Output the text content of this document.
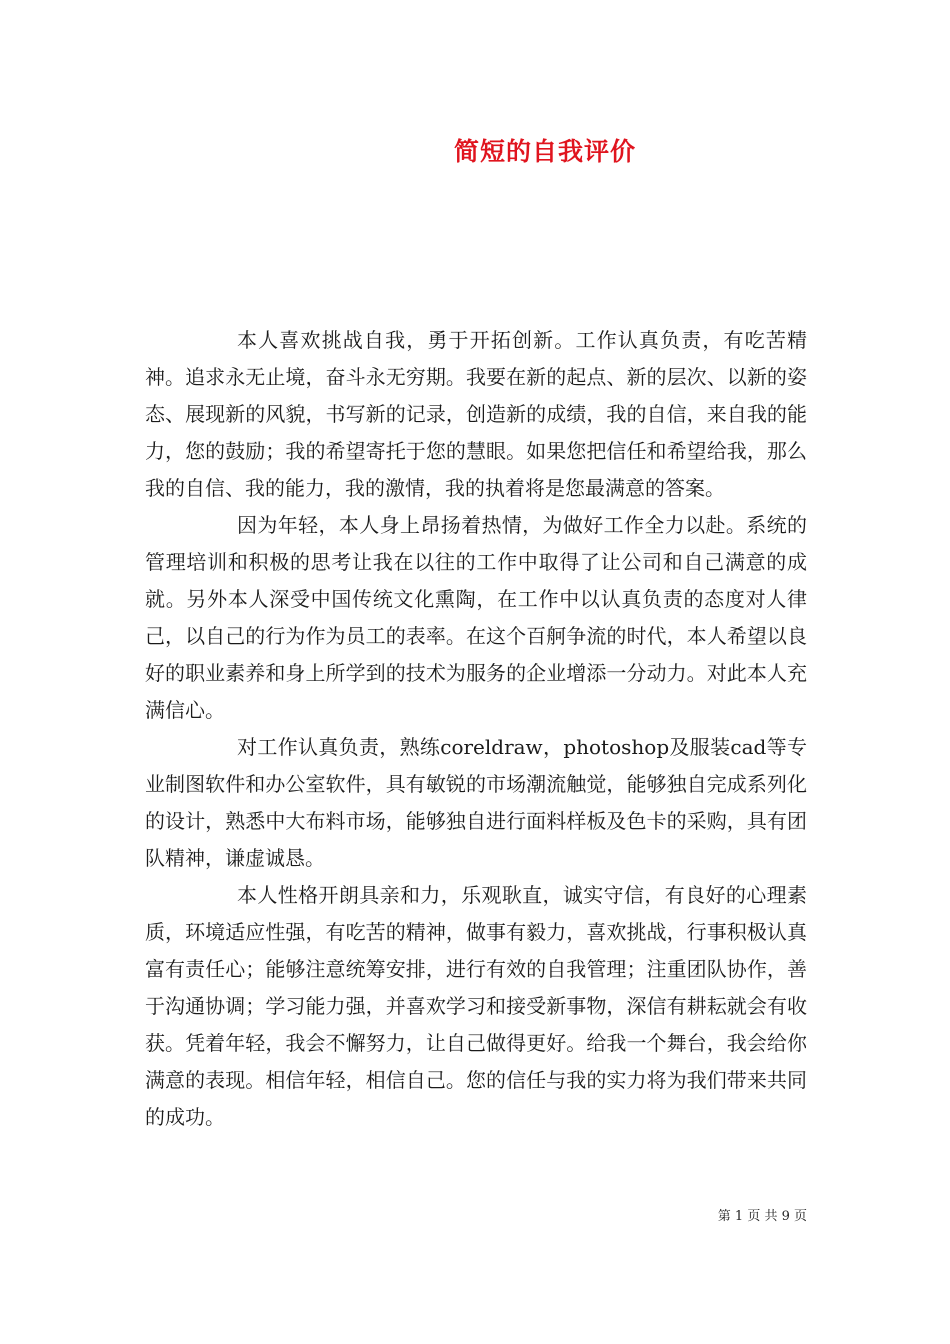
简短的自我评价

本人喜欢挑战自我，勇于开拓创新。工作认真负责，有吃苦精神。追求永无止境，奋斗永无穷期。我要在新的起点、新的层次、以新的姿态、展现新的风貌，书写新的记录，创造新的成绩，我的自信，来自我的能力，您的鼓励；我的希望寄托于您的慧眼。如果您把信任和希望给我，那么我的自信、我的能力，我的激情，我的执着将是您最满意的答案。

因为年轻，本人身上昂扬着热情，为做好工作全力以赴。系统的管理培训和积极的思考让我在以往的工作中取得了让公司和自己满意的成就。另外本人深受中国传统文化熏陶，在工作中以认真负责的态度对人律己，以自己的行为作为员工的表率。在这个百舸争流的时代，本人希望以良好的职业素养和身上所学到的技术为服务的企业增添一分动力。对此本人充满信心。

对工作认真负责，熟练coreldraw，photoshop及服装cad等专业制图软件和办公室软件，具有敏锐的市场潮流触觉，能够独自完成系列化的设计，熟悉中大布料市场，能够独自进行面料样板及色卡的采购，具有团队精神，谦虚诚恳。

本人性格开朗具亲和力，乐观耿直，诚实守信，有良好的心理素质，环境适应性强，有吃苦的精神，做事有毅力，喜欢挑战，行事积极认真富有责任心；能够注意统筹安排，进行有效的自我管理；注重团队协作，善于沟通协调；学习能力强，并喜欢学习和接受新事物，深信有耕耘就会有收获。凭着年轻，我会不懈努力，让自己做得更好。给我一个舞台，我会给你满意的表现。相信年轻，相信自己。您的信任与我的实力将为我们带来共同的成功。

第 1 页 共 9 页
